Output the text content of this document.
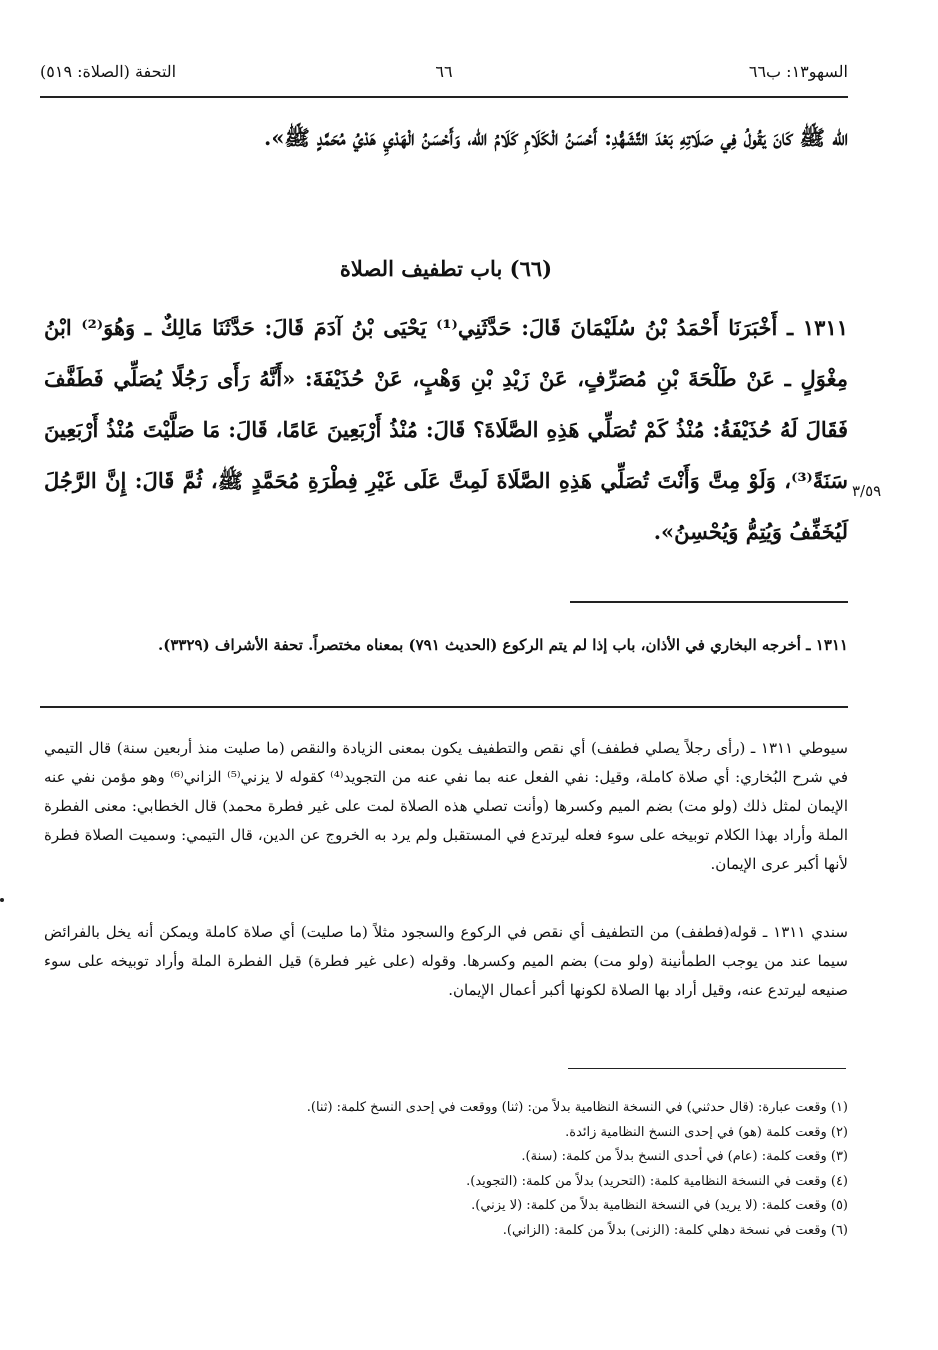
التحفة (الصلاة: ٥١٩)	٦٦	السهو١٣: ب٦٦
الله ﷺ كَانَ يَقُولُ فِي صَلَاتِهِ بَعْدَ التَّشَهُّدِ: أَحْسَنُ الْكَلَامِ كَلَامُ الله، وَأَحْسَنُ الْهَدْيِ هَدْيُ مُحَمَّدٍ ﷺ».
(٦٦) باب تطفيف الصلاة
١٣١١ ـ أَخْبَرَنَا أَحْمَدُ بْنُ سُلَيْمَانَ قَالَ: حَدَّثَنِي⁽¹⁾ يَحْيَى بْنُ آدَمَ قَالَ: حَدَّثَنَا مَالِكٌ ـ وَهُوَ⁽²⁾ ابْنُ مِغْوَلٍ ـ عَنْ طَلْحَةَ بْنِ مُصَرِّفٍ، عَنْ زَيْدِ بْنِ وَهْبٍ، عَنْ حُذَيْفَةَ: «أَنَّهُ رَأَى رَجُلًا يُصَلِّي فَطَفَّفَ فَقَالَ لَهُ حُذَيْفَةُ: مُنْذُ كَمْ تُصَلِّي هَذِهِ الصَّلَاةَ؟ قَالَ: مُنْذُ أَرْبَعِينَ عَامًا، قَالَ: مَا صَلَّيْتَ مُنْذُ أَرْبَعِينَ سَنَةً⁽³⁾، وَلَوْ مِتَّ وَأَنْتَ تُصَلِّي هَذِهِ الصَّلَاةَ لَمِتَّ عَلَى غَيْرِ فِطْرَةِ مُحَمَّدٍ ﷺ، ثُمَّ قَالَ: إِنَّ الرَّجُلَ لَيُخَفِّفُ وَيُتِمُّ وَيُحْسِنُ».
٣/٥٩
١٣١١ ـ أخرجه البخاري في الأذان، باب إذا لم يتم الركوع (الحديث ٧٩١) بمعناه مختصراً. تحفة الأشراف (٣٣٢٩).
سيوطي ١٣١١ ـ (رأى رجلاً يصلي فطفف) أي نقص والتطفيف يكون بمعنى الزيادة والنقص (ما صليت منذ أربعين سنة) قال التيمي في شرح البُخاري: أي صلاة كاملة، وقيل: نفي الفعل عنه بما نفي عنه من التجويد⁽⁴⁾ كقوله لا يزني⁽⁵⁾ الزاني⁽⁶⁾ وهو مؤمن نفي عنه الإيمان لمثل ذلك (ولو مت) بضم الميم وكسرها (وأنت تصلي هذه الصلاة لمت على غير فطرة محمد) قال الخطابي: معنى الفطرة الملة وأراد بهذا الكلام توبيخه على سوء فعله ليرتدع في المستقبل ولم يرد به الخروج عن الدين، قال التيمي: وسميت الصلاة فطرة لأنها أكبر عرى الإيمان.
سندي ١٣١١ ـ قوله(فطفف) من التطفيف أي نقص في الركوع والسجود مثلاً (ما صليت) أي صلاة كاملة ويمكن أنه يخل بالفرائض سيما عند من يوجب الطمأنينة (ولو مت) بضم الميم وكسرها. وقوله (على غير فطرة) قيل الفطرة الملة وأراد توبيخه على سوء صنيعه ليرتدع عنه، وقيل أراد بها الصلاة لكونها أكبر أعمال الإيمان.
(١) وقعت عبارة: (قال حدثني) في النسخة النظامية بدلاً من: (ثنا) ووقعت في إحدى النسخ كلمة: (ثنا).
(٢) وقعت كلمة (هو) في إحدى النسخ النظامية زائدة.
(٣) وقعت كلمة: (عام) في أحدى النسخ بدلاً من كلمة: (سنة).
(٤) وقعت في النسخة النظامية كلمة: (التحريد) بدلاً من كلمة: (التجويد).
(٥) وقعت كلمة: (لا يريد) في النسخة النظامية بدلاً من كلمة: (لا يزني).
(٦) وقعت في نسخة دهلي كلمة: (الزنى) بدلاً من كلمة: (الزاني).
